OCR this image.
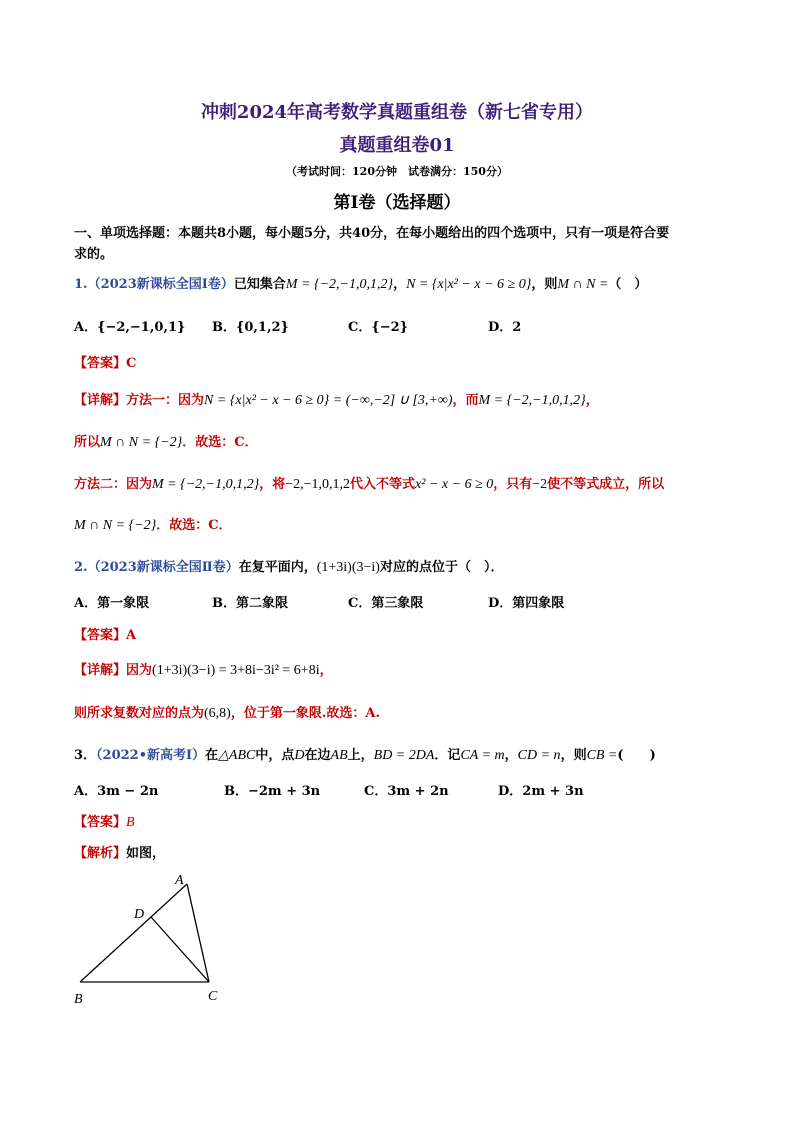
冲刺2024年高考数学真题重组卷（新七省专用）
真题重组卷01
（考试时间：120分钟　试卷满分：150分）
第I卷（选择题）
一、单项选择题：本题共8小题，每小题5分，共40分，在每小题给出的四个选项中，只有一项是符合要
求的。
1.（2023新课标全国Ⅰ卷）已知集合M = {−2,−1,0,1,2}，N = {x|x² − x − 6 ≥ 0}，则M ∩ N =（　）
A．{−2,−1,0,1} B．{0,1,2}	C．{−2}	D．2
【答案】C
【详解】方法一：因为N = {x|x² − x − 6 ≥ 0} = (−∞,−2] ∪ [3,+∞)，而M = {−2,−1,0,1,2}，
所以M ∩ N = {−2}．故选：C．
方法二：因为M = {−2,−1,0,1,2}，将−2,−1,0,1,2代入不等式x² − x − 6 ≥ 0，只有−2使不等式成立，所以
M ∩ N = {−2}．故选：C．
2.（2023新课标全国Ⅱ卷）在复平面内，(1+3i)(3−i)对应的点位于（　）．
A．第一象限	B．第二象限	C．第三象限	D．第四象限
【答案】A
【详解】因为(1+3i)(3−i) = 3+8i−3i² = 6+8i，
则所求复数对应的点为(6,8)，位于第一象限.故选：A.
3．（2022•新高考Ⅰ）在△ABC中，点D在边AB上，BD = 2DA．记CA = m，CD = n，则CB =(　　)
A．3m − 2n	B．−2m + 3n	C．3m + 2n	D．2m + 3n
【答案】B
【解析】如图，
A
B	C
D
